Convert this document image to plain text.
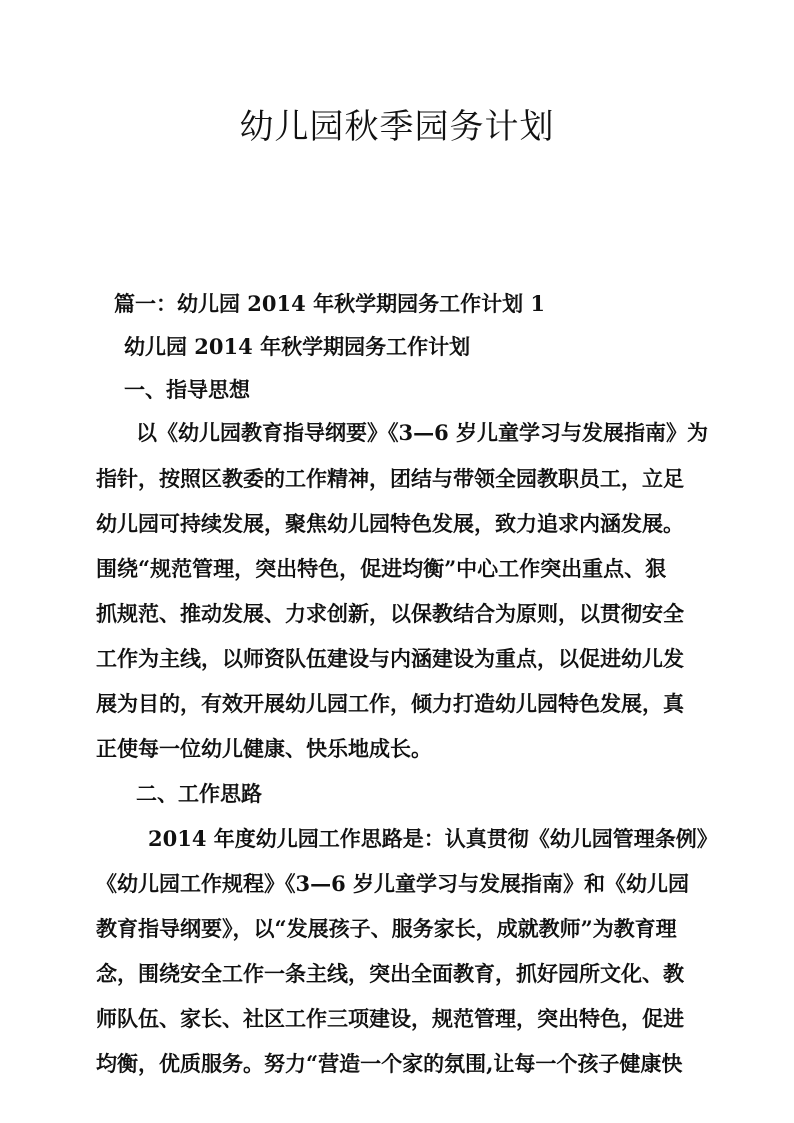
幼儿园秋季园务计划
篇一：幼儿园 2014 年秋学期园务工作计划 1
幼儿园 2014 年秋学期园务工作计划
一、指导思想
以《幼儿园教育指导纲要》《3—6 岁儿童学习与发展指南》为
指针，按照区教委的工作精神，团结与带领全园教职员工，立足
幼儿园可持续发展，聚焦幼儿园特色发展，致力追求内涵发展。
围绕“规范管理，突出特色，促进均衡”中心工作突出重点、狠
抓规范、推动发展、力求创新，以保教结合为原则，以贯彻安全
工作为主线，以师资队伍建设与内涵建设为重点，以促进幼儿发
展为目的，有效开展幼儿园工作，倾力打造幼儿园特色发展，真
正使每一位幼儿健康、快乐地成长。
二、工作思路
2014 年度幼儿园工作思路是：认真贯彻《幼儿园管理条例》
《幼儿园工作规程》《3—6 岁儿童学习与发展指南》和《幼儿园
教育指导纲要》，以“发展孩子、服务家长，成就教师”为教育理
念，围绕安全工作一条主线，突出全面教育，抓好园所文化、教
师队伍、家长、社区工作三项建设，规范管理，突出特色，促进
均衡，优质服务。努力“营造一个家的氛围,让每一个孩子健康快
